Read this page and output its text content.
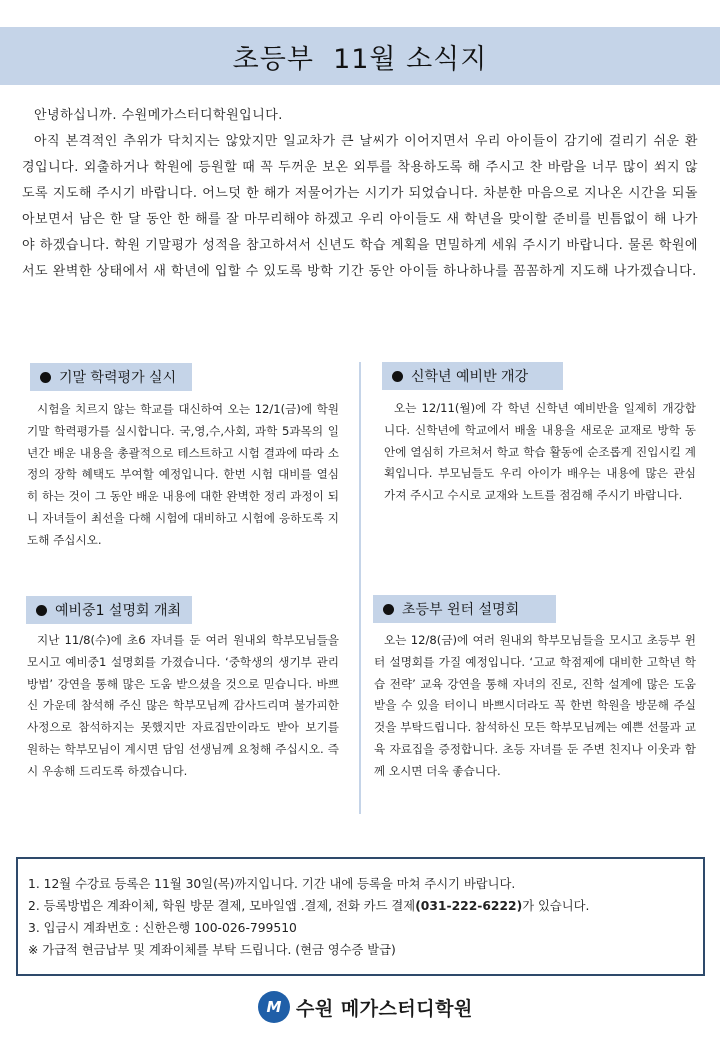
초등부  11월 소식지

안녕하십니까. 수원메가스터디학원입니다.

아직 본격적인 추위가 닥치지는 않았지만 일교차가 큰 날씨가 이어지면서 우리 아이들이 감기에 걸리기 쉬운 환경입니다. 외출하거나 학원에 등원할 때 꼭 두꺼운 보온 외투를 착용하도록 해 주시고 찬 바람을 너무 많이 쐬지 않도록 지도해 주시기 바랍니다. 어느덧 한 해가 저물어가는 시기가 되었습니다. 차분한 마음으로 지나온 시간을 되돌아보면서 남은 한 달 동안 한 해를 잘 마무리해야 하겠고 우리 아이들도 새 학년을 맞이할 준비를 빈틈없이 해 나가야 하겠습니다. 학원 기말평가 성적을 참고하셔서 신년도 학습 계획을 면밀하게 세워 주시기 바랍니다. 물론 학원에서도 완벽한 상태에서 새 학년에 입할 수 있도록 방학 기간 동안 아이들 하나하나를 꼼꼼하게 지도해 나가겠습니다.

기말 학력평가 실시

시험을 치르지 않는 학교를 대신하여 오는 12/1(금)에 학원 기말 학력평가를 실시합니다. 국,영,수,사회, 과학 5과목의 일년간 배운 내용을 총괄적으로 테스트하고 시험 결과에 따라 소정의 장학 혜택도 부여할 예정입니다. 한번 시험 대비를 열심히 하는 것이 그 동안 배운 내용에 대한 완벽한 정리 과정이 되니 자녀들이 최선을 다해 시험에 대비하고 시험에 응하도록 지도해 주십시오.

신학년 예비반 개강

오는 12/11(월)에 각 학년 신학년 예비반을 일제히 개강합니다. 신학년에 학교에서 배울 내용을 새로운 교재로 방학 동안에 열심히 가르쳐서 학교 학습 활동에 순조롭게 진입시킬 계획입니다. 부모님들도 우리 아이가 배우는 내용에 많은 관심 가져 주시고 수시로 교재와 노트를 점검해 주시기 바랍니다.

예비중1 설명회 개최

지난 11/8(수)에 초6 자녀를 둔 여러 원내외 학부모님들을 모시고 예비중1 설명회를 가졌습니다. ‘중학생의 생기부 관리 방법’ 강연을 통해 많은 도움 받으셨을 것으로 믿습니다. 바쁘신 가운데 참석해 주신 많은 학부모님께 감사드리며 불가피한 사정으로 참석하지는 못했지만 자료집만이라도 받아 보기를 원하는 학부모님이 계시면 담임 선생님께 요청해 주십시오. 즉시 우송해 드리도록 하겠습니다.

초등부 윈터 설명회

오는 12/8(금)에 여러 원내외 학부모님들을 모시고 초등부 윈터 설명회를 가질 예정입니다. ‘고교 학점제에 대비한 고학년 학습 전략’ 교육 강연을 통해 자녀의 진로, 진학 설계에 많은 도움 받을 수 있을 터이니 바쁘시더라도 꼭 한번 학원을 방문해 주실 것을 부탁드립니다. 참석하신 모든 학부모님께는 예쁜 선물과 교육 자료집을 증정합니다. 초등 자녀를 둔 주변 친지나 이웃과 함께 오시면 더욱 좋습니다.

1. 12월 수강료 등록은 11월 30일(목)까지입니다. 기간 내에 등록을 마쳐 주시기 바랍니다.
2. 등록방법은 계좌이체, 학원 방문 결제, 모바일앱 .결제, 전화 카드 결제(031-222-6222)가 있습니다.
3. 입금시 계좌번호 : 신한은행 100-026-799510
※ 가급적 현금납부 및 계좌이체를 부탁 드립니다. (현금 영수증 발급)
M 수원 메가스터디학원
